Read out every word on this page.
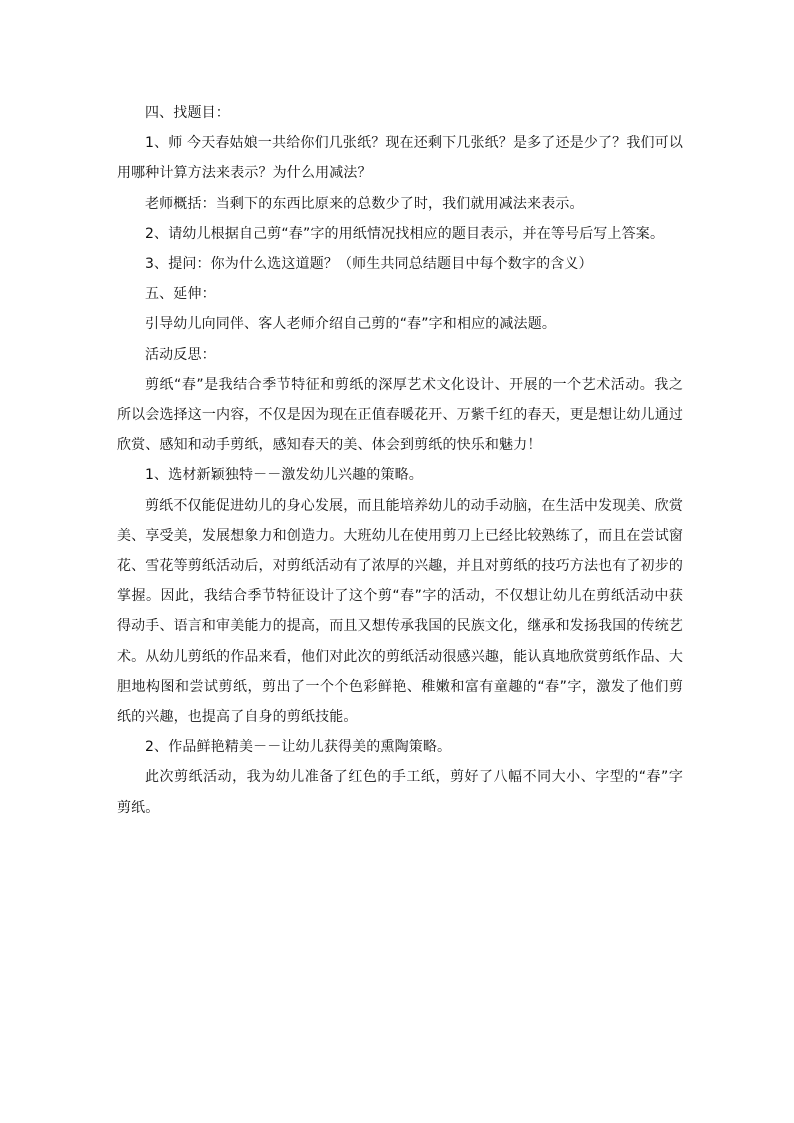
四、找题目：

1、师 今天春姑娘一共给你们几张纸？现在还剩下几张纸？是多了还是少了？我们可以用哪种计算方法来表示？为什么用减法？

老师概括：当剩下的东西比原来的总数少了时，我们就用减法来表示。

2、请幼儿根据自己剪“春”字的用纸情况找相应的题目表示，并在等号后写上答案。

3、提问：你为什么选这道题？（师生共同总结题目中每个数字的含义）

五、延伸：

引导幼儿向同伴、客人老师介绍自己剪的“春”字和相应的减法题。

活动反思：

剪纸“春”是我结合季节特征和剪纸的深厚艺术文化设计、开展的一个艺术活动。我之所以会选择这一内容，不仅是因为现在正值春暖花开、万紫千红的春天，更是想让幼儿通过欣赏、感知和动手剪纸，感知春天的美、体会到剪纸的快乐和魅力！

1、选材新颖独特－－激发幼儿兴趣的策略。

剪纸不仅能促进幼儿的身心发展，而且能培养幼儿的动手动脑，在生活中发现美、欣赏美、享受美，发展想象力和创造力。大班幼儿在使用剪刀上已经比较熟练了，而且在尝试窗花、雪花等剪纸活动后，对剪纸活动有了浓厚的兴趣，并且对剪纸的技巧方法也有了初步的掌握。因此，我结合季节特征设计了这个剪“春”字的活动，不仅想让幼儿在剪纸活动中获得动手、语言和审美能力的提高，而且又想传承我国的民族文化，继承和发扬我国的传统艺术。从幼儿剪纸的作品来看，他们对此次的剪纸活动很感兴趣，能认真地欣赏剪纸作品、大胆地构图和尝试剪纸，剪出了一个个色彩鲜艳、稚嫩和富有童趣的“春”字，激发了他们剪纸的兴趣，也提高了自身的剪纸技能。

2、作品鲜艳精美－－让幼儿获得美的熏陶策略。

此次剪纸活动，我为幼儿准备了红色的手工纸，剪好了八幅不同大小、字型的“春”字剪纸。
